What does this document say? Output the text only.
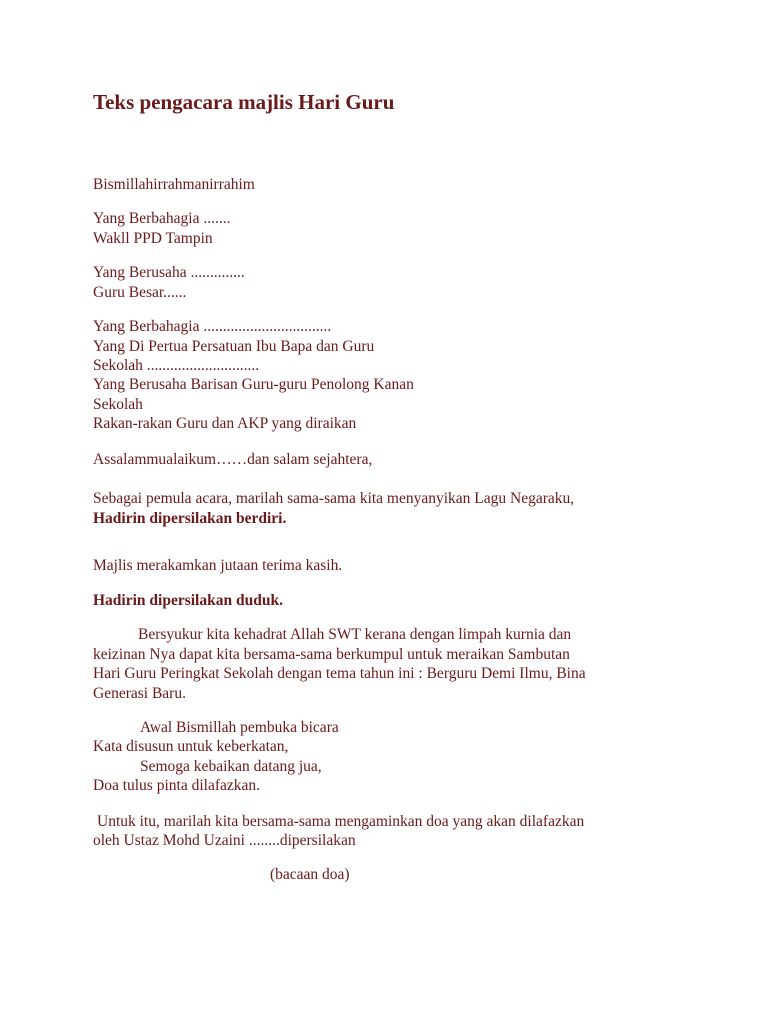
Teks pengacara majlis Hari Guru
Bismillahirrahmanirrahim
Yang Berbahagia .......
Wakll PPD Tampin
Yang Berusaha ..............
Guru Besar......
Yang Berbahagia .................................
Yang Di Pertua Persatuan Ibu Bapa dan Guru
Sekolah .............................
Yang Berusaha Barisan Guru-guru Penolong Kanan
Sekolah
Rakan-rakan Guru dan AKP yang diraikan
Assalammualaikum……dan salam sejahtera,
Sebagai pemula acara, marilah sama-sama kita menyanyikan Lagu Negaraku,
Hadirin dipersilakan berdiri.
Majlis merakamkan jutaan terima kasih.
Hadirin dipersilakan duduk.
Bersyukur kita kehadrat Allah SWT kerana dengan limpah kurnia dan
keizinan Nya dapat kita bersama-sama berkumpul untuk meraikan Sambutan
Hari Guru Peringkat Sekolah dengan tema tahun ini : Berguru Demi Ilmu, Bina
Generasi Baru.
Awal Bismillah pembuka bicara
Kata disusun untuk keberkatan,
Semoga kebaikan datang jua,
Doa tulus pinta dilafazkan.
Untuk itu, marilah kita bersama-sama mengaminkan doa yang akan dilafazkan
oleh Ustaz Mohd Uzaini ........dipersilakan
(bacaan doa)
